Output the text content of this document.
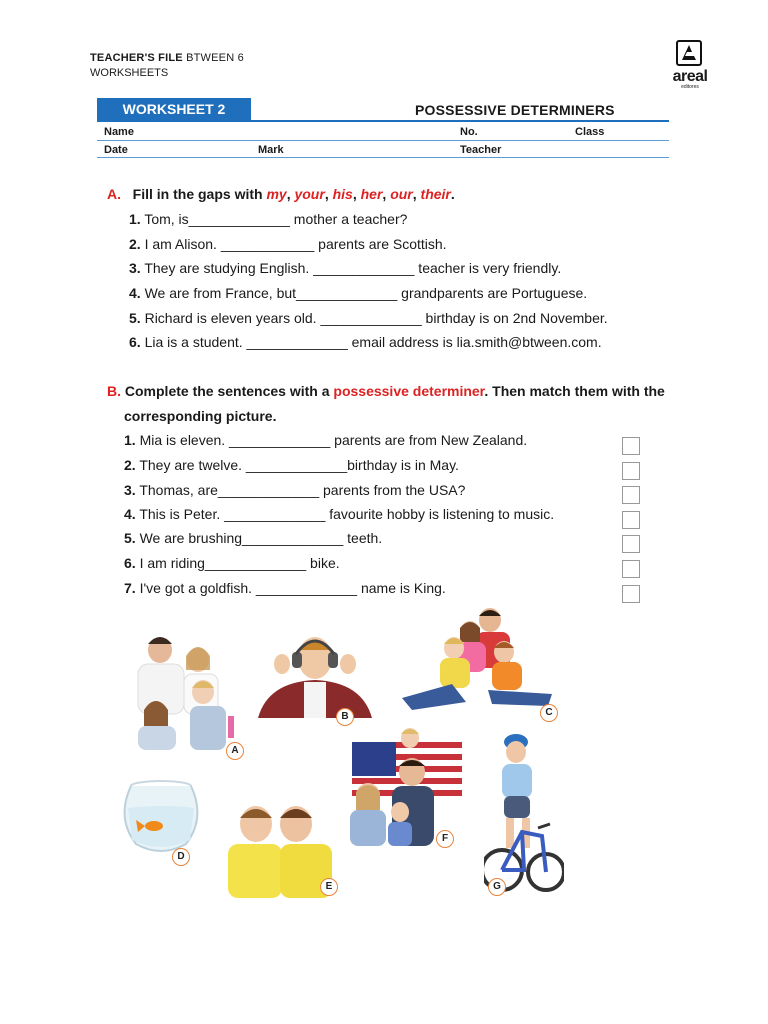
TEACHER'S FILE BTWEEN 6
WORKSHEETS	areal
editores
WORKSHEET 2	POSSESSIVE DETERMINERS
Name	No.	Class
Date	Mark	Teacher
A. Fill in the gaps with my, your, his, her, our, their.
1. Tom, is_____________ mother a teacher?
2. I am Alison. ____________ parents are Scottish.
3. They are studying English. _____________ teacher is very friendly.
4. We are from France, but_____________ grandparents are Portuguese.
5. Richard is eleven years old. _____________ birthday is on 2nd November.
6. Lia is a student. _____________ email address is lia.smith@btween.com.
B. Complete the sentences with a possessive determiner. Then match them with the
corresponding picture.
1. Mia is eleven. _____________ parents are from New Zealand.
2. They are twelve. _____________birthday is in May.
3. Thomas, are_____________ parents from the USA?
4. This is Peter. _____________ favourite hobby is listening to music.
5. We are brushing_____________ teeth.
6. I am riding_____________ bike.
7. I've got a goldfish. _____________ name is King.
A
B	C
D
E
F
G
